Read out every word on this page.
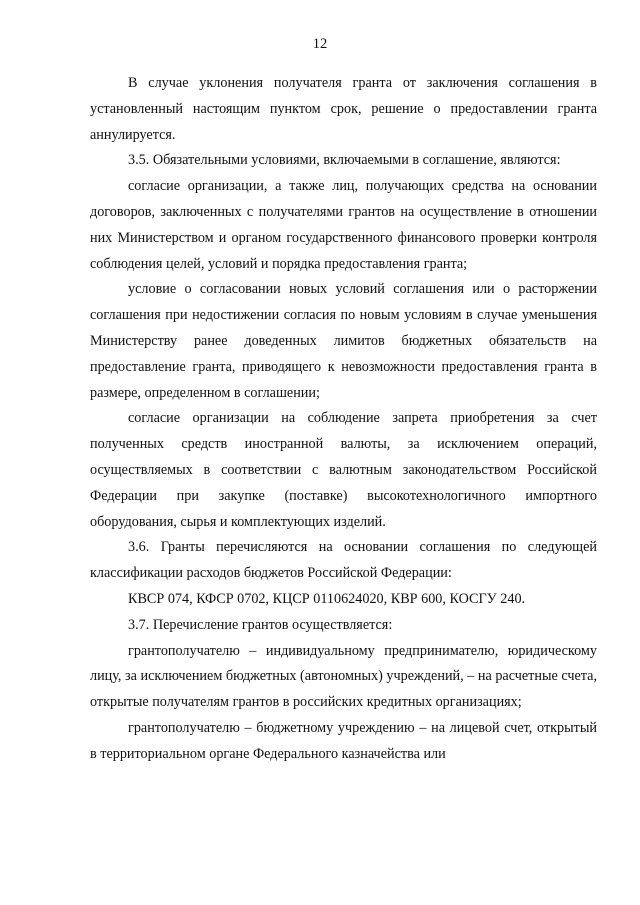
12

В случае уклонения получателя гранта от заключения соглашения в установленный настоящим пунктом срок, решение о предоставлении гранта аннулируется.

3.5. Обязательными условиями, включаемыми в соглашение, являются:

согласие организации, а также лиц, получающих средства на основании договоров, заключенных с получателями грантов на осуществление в отношении них Министерством и органом государственного финансового проверки контроля соблюдения целей, условий и порядка предоставления гранта;

условие о согласовании новых условий соглашения или о расторжении соглашения при недостижении согласия по новым условиям в случае уменьшения Министерству ранее доведенных лимитов бюджетных обязательств на предоставление гранта, приводящего к невозможности предоставления гранта в размере, определенном в соглашении;

согласие организации на соблюдение запрета приобретения за счет полученных средств иностранной валюты, за исключением операций, осуществляемых в соответствии с валютным законодательством Российской Федерации при закупке (поставке) высокотехнологичного импортного оборудования, сырья и комплектующих изделий.

3.6. Гранты перечисляются на основании соглашения по следующей классификации расходов бюджетов Российской Федерации:

КВСР 074, КФСР 0702, КЦСР 0110624020, КВР 600, КОСГУ 240.

3.7. Перечисление грантов осуществляется:

грантополучателю – индивидуальному предпринимателю, юридическому лицу, за исключением бюджетных (автономных) учреждений, – на расчетные счета, открытые получателям грантов в российских кредитных организациях;

грантополучателю – бюджетному учреждению – на лицевой счет, открытый в территориальном органе Федерального казначейства или
